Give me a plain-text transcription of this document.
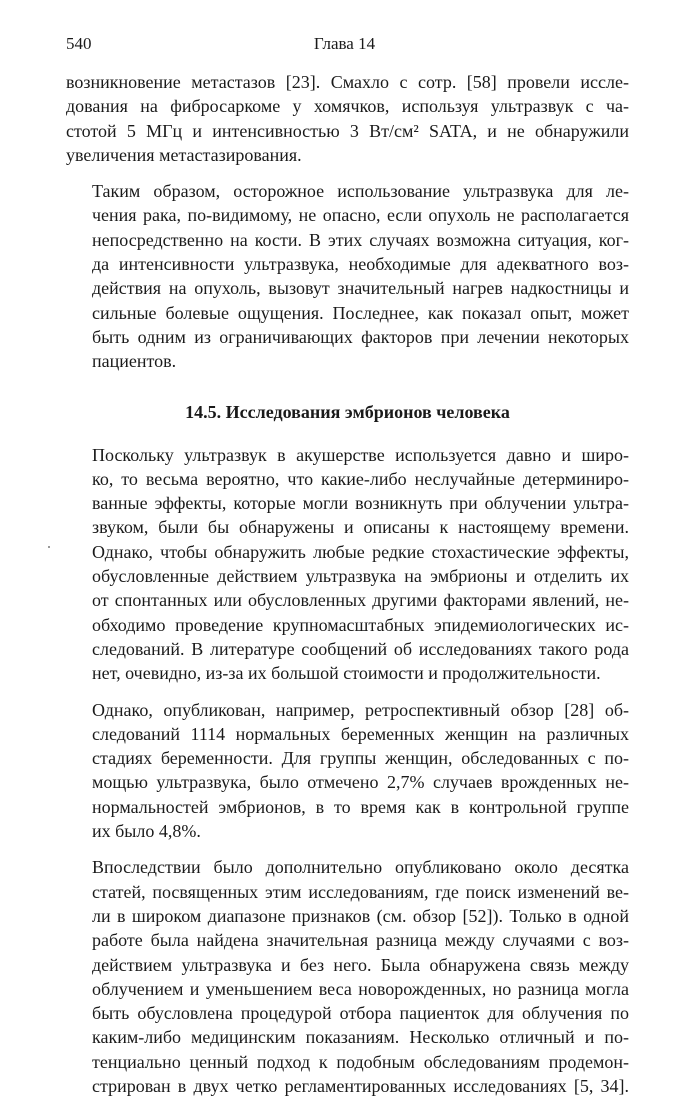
540	Глава 14

возникновение метастазов [23]. Смахло с сотр. [58] провели иссле-
дования на фибросаркоме у хомячков, используя ультразвук с ча-
стотой 5 МГц и интенсивностью 3 Вт/см² SATA, и не обнаружили
увеличения метастазирования.

Таким образом, осторожное использование ультразвука для ле-
чения рака, по-видимому, не опасно, если опухоль не располагается
непосредственно на кости. В этих случаях возможна ситуация, ког-
да интенсивности ультразвука, необходимые для адекватного воз-
действия на опухоль, вызовут значительный нагрев надкостницы и
сильные болевые ощущения. Последнее, как показал опыт, может
быть одним из ограничивающих факторов при лечении некоторых
пациентов.

14.5. Исследования эмбрионов человека

Поскольку ультразвук в акушерстве используется давно и широ-
ко, то весьма вероятно, что какие-либо неслучайные детерминиро-
ванные эффекты, которые могли возникнуть при облучении ультра-
звуком, были бы обнаружены и описаны к настоящему времени.
Однако, чтобы обнаружить любые редкие стохастические эффекты,
обусловленные действием ультразвука на эмбрионы и отделить их
от спонтанных или обусловленных другими факторами явлений, не-
обходимо проведение крупномасштабных эпидемиологических ис-
следований. В литературе сообщений об исследованиях такого рода
нет, очевидно, из-за их большой стоимости и продолжительности.

Однако, опубликован, например, ретроспективный обзор [28] об-
следований 1114 нормальных беременных женщин на различных
стадиях беременности. Для группы женщин, обследованных с по-
мощью ультразвука, было отмечено 2,7% случаев врожденных не-
нормальностей эмбрионов, в то время как в контрольной группе
их было 4,8%.

Впоследствии было дополнительно опубликовано около десятка
статей, посвященных этим исследованиям, где поиск изменений ве-
ли в широком диапазоне признаков (см. обзор [52]). Только в одной
работе была найдена значительная разница между случаями с воз-
действием ультразвука и без него. Была обнаружена связь между
облучением и уменьшением веса новорожденных, но разница могла
быть обусловлена процедурой отбора пациенток для облучения по
каким-либо медицинским показаниям. Несколько отличный и по-
тенциально ценный подход к подобным обследованиям продемон-
стрирован в двух четко регламентированных исследованиях [5, 34].
